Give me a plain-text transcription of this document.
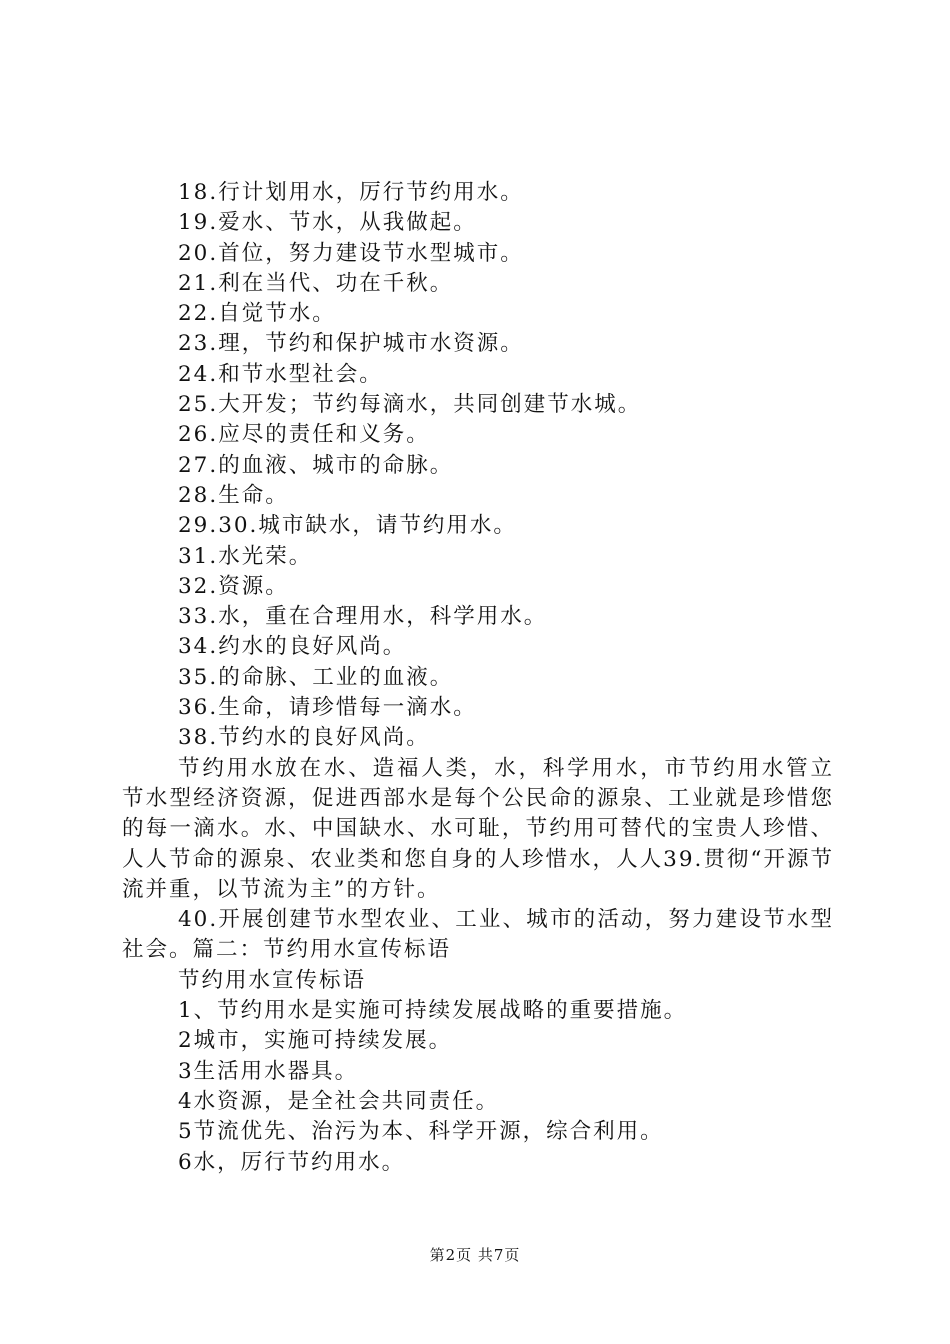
18.行计划用水，厉行节约用水。
19.爱水、节水，从我做起。
20.首位，努力建设节水型城市。
21.利在当代、功在千秋。
22.自觉节水。
23.理，节约和保护城市水资源。
24.和节水型社会。
25.大开发；节约每滴水，共同创建节水城。
26.应尽的责任和义务。
27.的血液、城市的命脉。
28.生命。
29.30.城市缺水，请节约用水。
31.水光荣。
32.资源。
33.水，重在合理用水，科学用水。
34.约水的良好风尚。
35.的命脉、工业的血液。
36.生命，请珍惜每一滴水。
38.节约水的良好风尚。
节约用水放在水、造福人类，水，科学用水，市节约用水管立节水型经济资源，促进西部水是每个公民命的源泉、工业就是珍惜您的每一滴水。水、中国缺水、水可耻，节约用可替代的宝贵人珍惜、人人节命的源泉、农业类和您自身的人珍惜水，人人39.贯彻“开源节流并重，以节流为主”的方针。
40.开展创建节水型农业、工业、城市的活动，努力建设节水型社会。篇二：节约用水宣传标语
节约用水宣传标语
1、节约用水是实施可持续发展战略的重要措施。
2城市，实施可持续发展。
3生活用水器具。
4水资源，是全社会共同责任。
5节流优先、治污为本、科学开源，综合利用。
6水，厉行节约用水。
第2页 共7页
